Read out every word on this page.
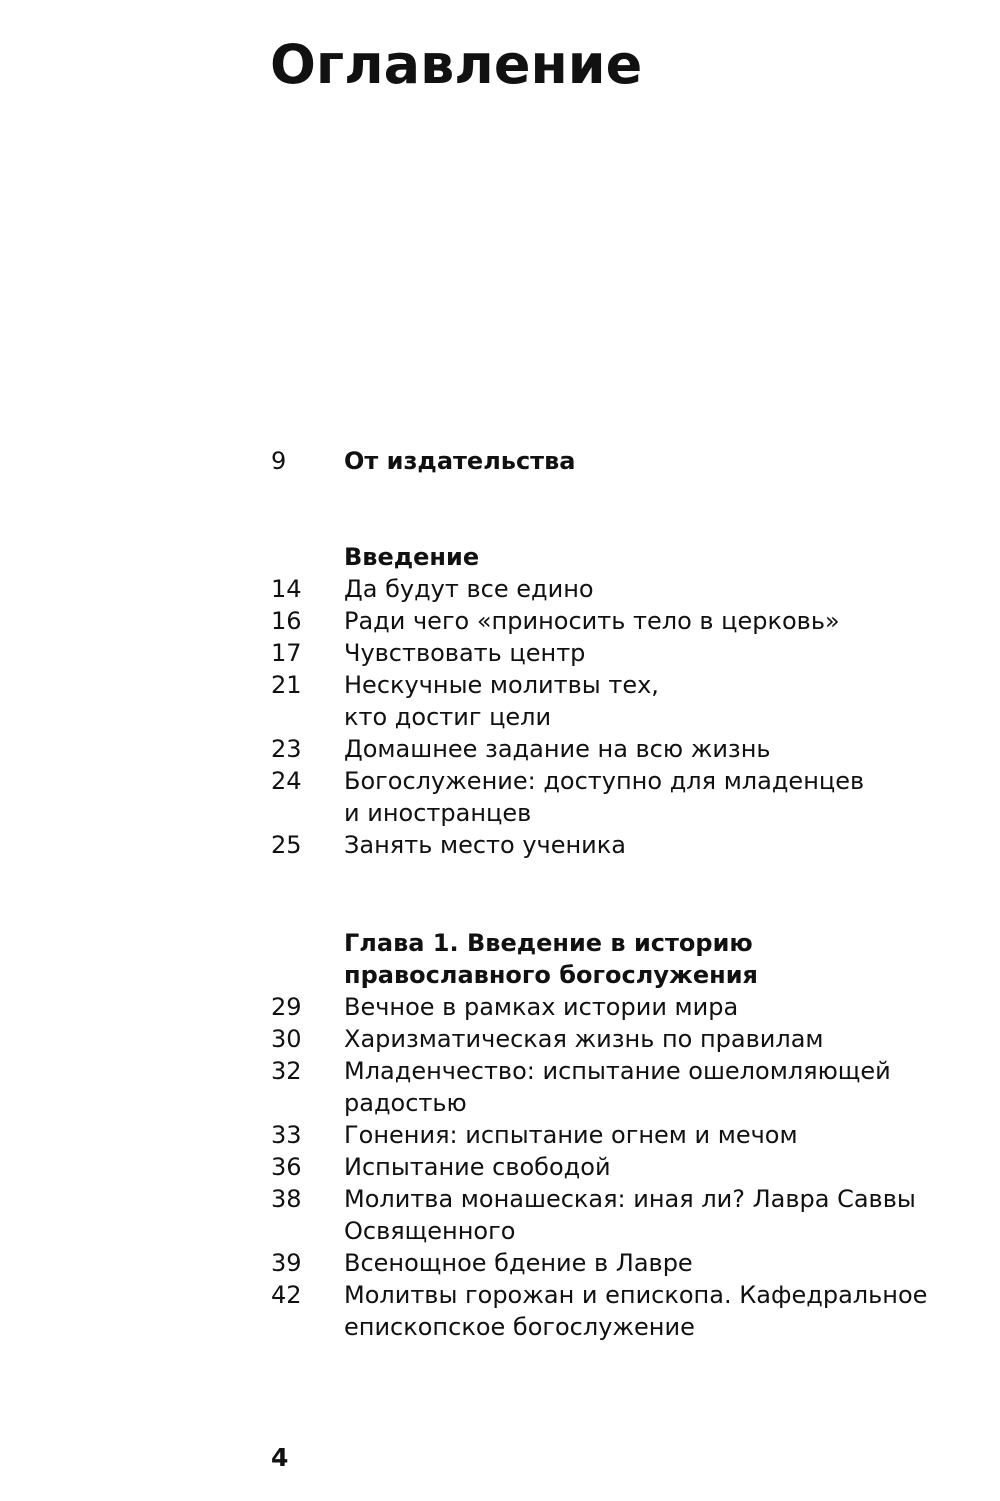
Оглавление
9	От издательства
Введение
14	Да будут все едино
16	Ради чего «приносить тело в церковь»
17	Чувствовать центр
21	Нескучные молитвы тех,
кто достиг цели
23	Домашнее задание на всю жизнь
24	Богослужение: доступно для младенцев
и иностранцев
25	Занять место ученика
Глава 1. Введение в историю
православного богослужения
29	Вечное в рамках истории мира
30	Харизматическая жизнь по правилам
32	Младенчество: испытание ошеломляющей
радостью
33	Гонения: испытание огнем и мечом
36	Испытание свободой
38	Молитва монашеская: иная ли? Лавра Саввы
Освященного
39	Всенощное бдение в Лавре
42	Молитвы горожан и епископа. Кафедральное
епископское богослужение
4
